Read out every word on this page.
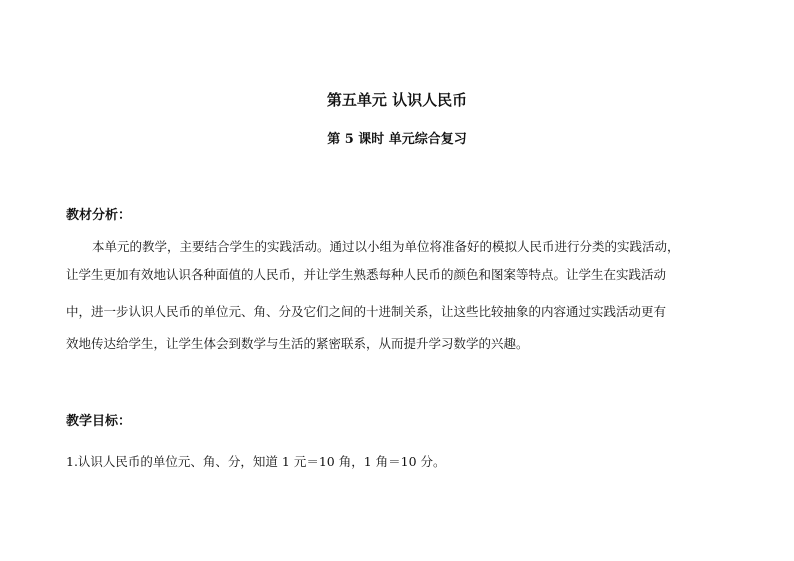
第五单元 认识人民币
第 5 课时 单元综合复习
教材分析：
本单元的教学，主要结合学生的实践活动。通过以小组为单位将准备好的模拟人民币进行分类的实践活动，
让学生更加有效地认识各种面值的人民币，并让学生熟悉每种人民币的颜色和图案等特点。让学生在实践活动
中，进一步认识人民币的单位元、角、分及它们之间的十进制关系，让这些比较抽象的内容通过实践活动更有
效地传达给学生，让学生体会到数学与生活的紧密联系，从而提升学习数学的兴趣。
教学目标：
1.认识人民币的单位元、角、分，知道 1 元＝10 角，1 角＝10 分。
